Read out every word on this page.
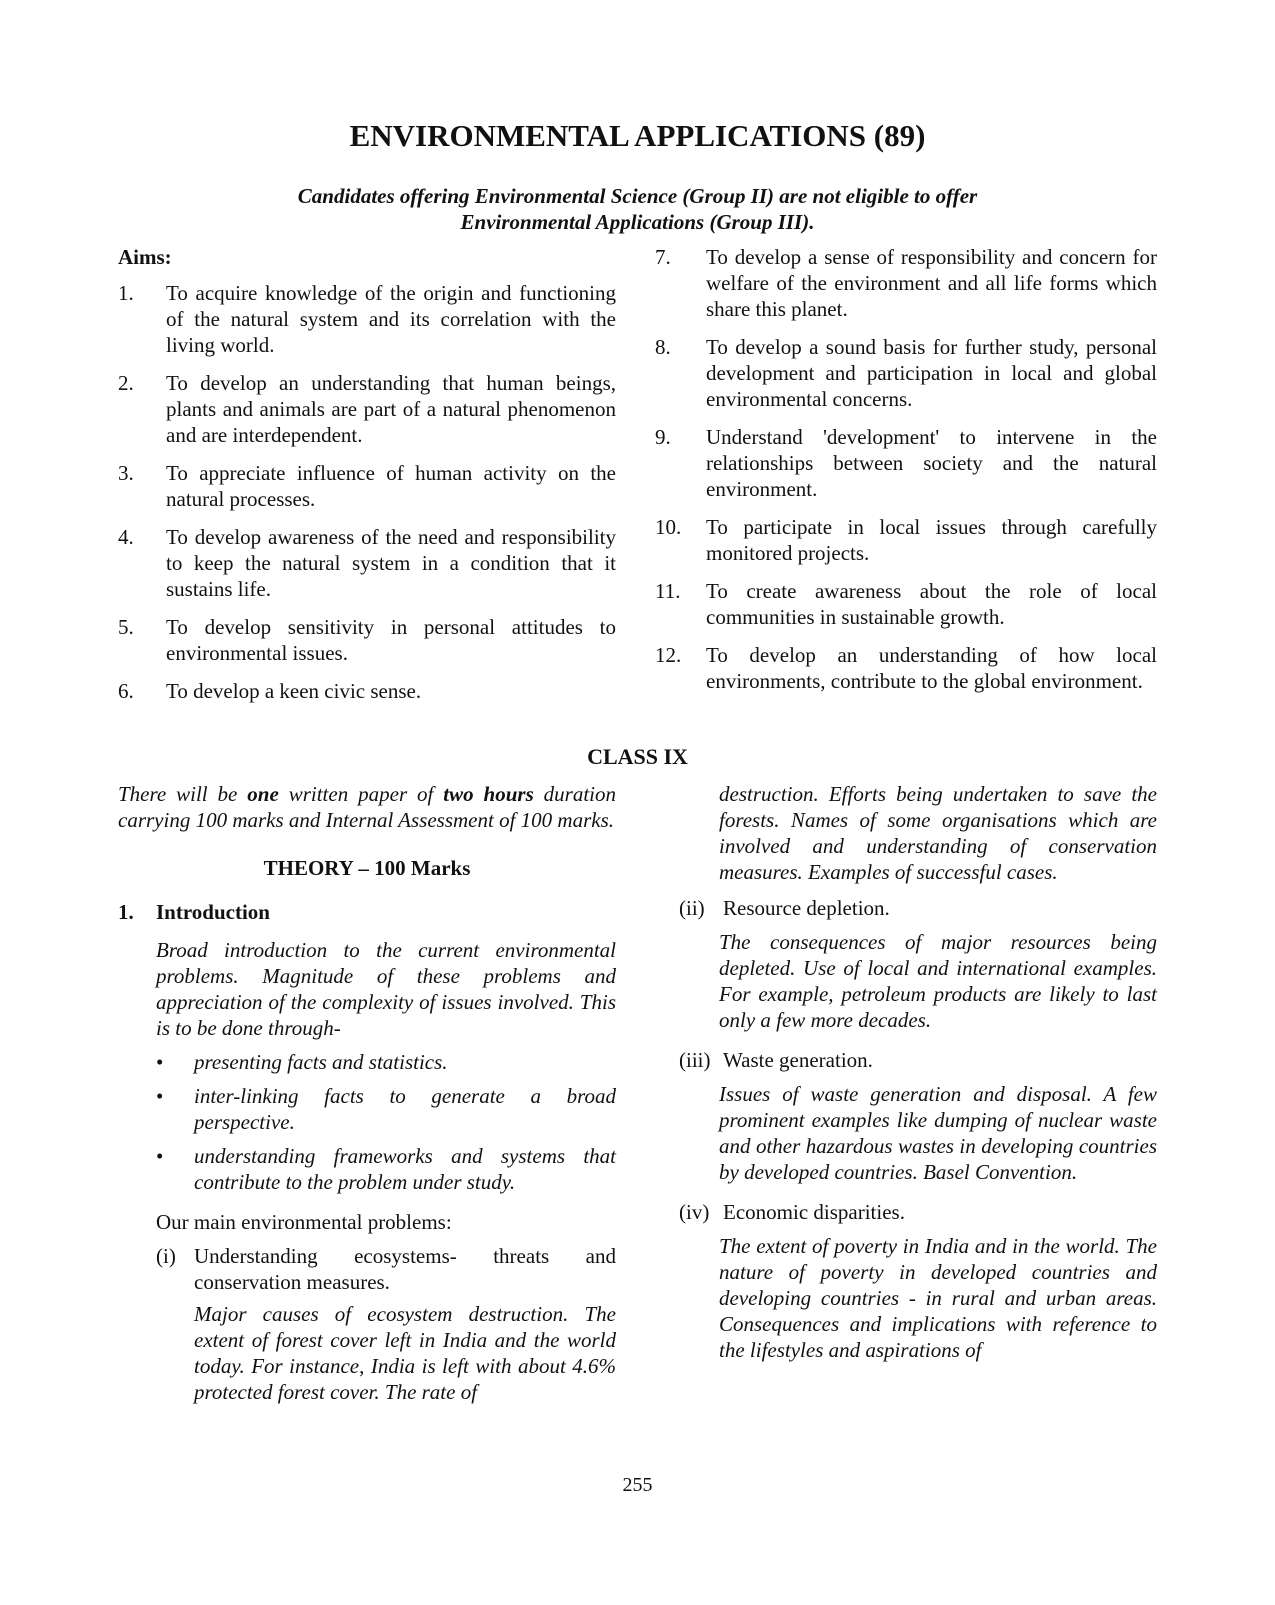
ENVIRONMENTAL APPLICATIONS (89)
Candidates offering Environmental Science (Group II) are not eligible to offer
Environmental Applications (Group III).
Aims:
1.	To acquire knowledge of the origin and functioning of the natural system and its correlation with the living world.
2.	To develop an understanding that human beings, plants and animals are part of a natural phenomenon and are interdependent.
3.	To appreciate influence of human activity on the natural processes.
4.	To develop awareness of the need and responsibility to keep the natural system in a condition that it sustains life.
5.	To develop sensitivity in personal attitudes to environmental issues.
6.	To develop a keen civic sense.
7.	To develop a sense of responsibility and concern for welfare of the environment and all life forms which share this planet.
8.	To develop a sound basis for further study, personal development and participation in local and global environmental concerns.
9.	Understand 'development' to intervene in the relationships between society and the natural environment.
10.	To participate in local issues through carefully monitored projects.
11.	To create awareness about the role of local communities in sustainable growth.
12.	To develop an understanding of how local environments, contribute to the global environment.
CLASS IX
There will be one written paper of two hours duration carrying 100 marks and Internal Assessment of 100 marks.
THEORY – 100 Marks
1.	Introduction
Broad introduction to the current environmental problems. Magnitude of these problems and appreciation of the complexity of issues involved. This is to be done through-
•	presenting facts and statistics.
•	inter-linking facts to generate a broad perspective.
•	understanding frameworks and systems that contribute to the problem under study.
Our main environmental problems:
(i) Understanding ecosystems- threats and conservation measures.
Major causes of ecosystem destruction. The extent of forest cover left in India and the world today. For instance, India is left with about 4.6% protected forest cover. The rate of
destruction. Efforts being undertaken to save the forests. Names of some organisations which are involved and understanding of conservation measures. Examples of successful cases.
(ii) Resource depletion.
The consequences of major resources being depleted. Use of local and international examples. For example, petroleum products are likely to last only a few more decades.
(iii) Waste generation.
Issues of waste generation and disposal. A few prominent examples like dumping of nuclear waste and other hazardous wastes in developing countries by developed countries. Basel Convention.
(iv) Economic disparities.
The extent of poverty in India and in the world. The nature of poverty in developed countries and developing countries - in rural and urban areas. Consequences and implications with reference to the lifestyles and aspirations of
255
